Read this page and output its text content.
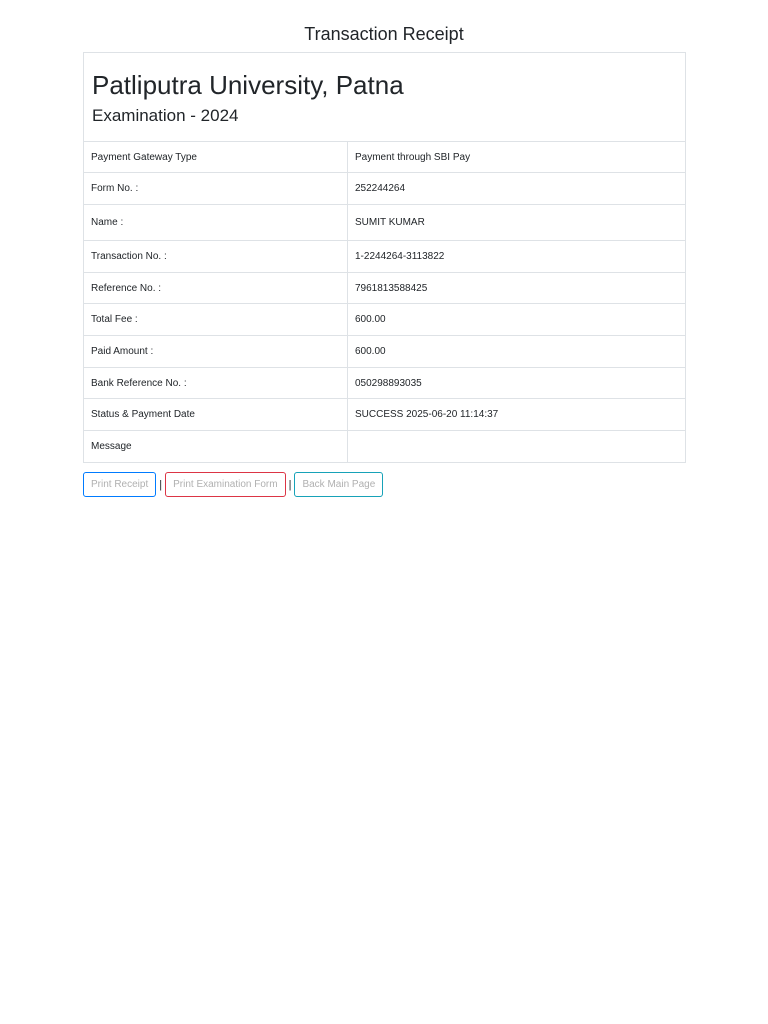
Transaction Receipt
Patliputra University, Patna
Examination - 2024
Payment Gateway Type	Payment through SBI Pay
Form No. :	252244264
Name :	SUMIT KUMAR
Transaction No. :	1-2244264-3113822
Reference No. :	7961813588425
Total Fee :	600.00
Paid Amount :	600.00
Bank Reference No. :	050298893035
Status & Payment Date	SUCCESS 2025-06-20 11:14:37
Message
Print Receipt	|	Print Examination Form	|	Back Main Page
